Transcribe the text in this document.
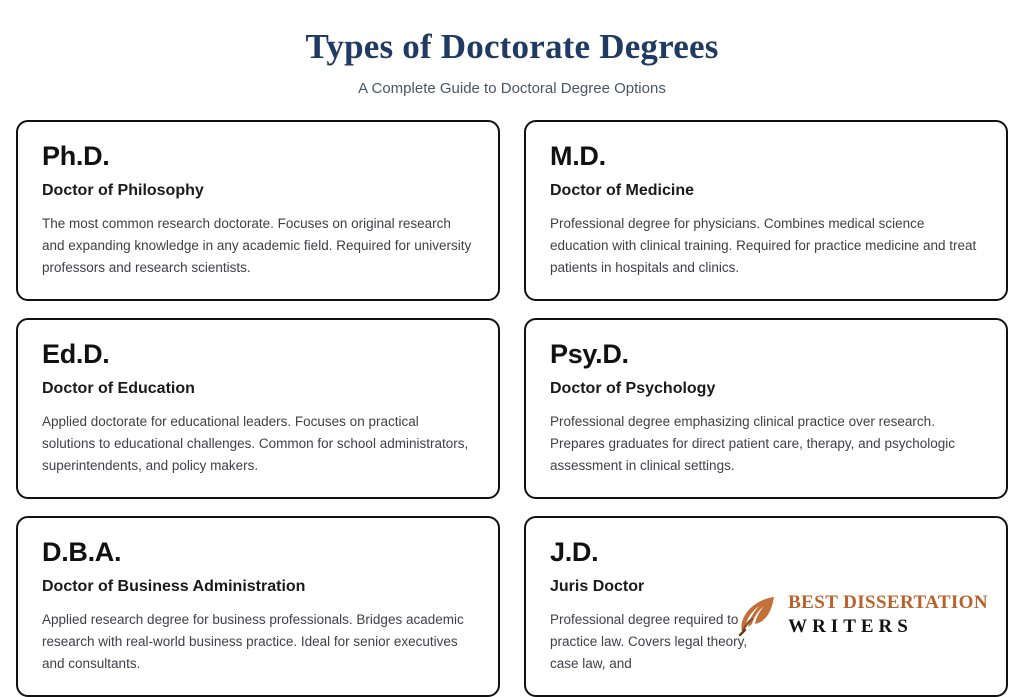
Types of Doctorate Degrees

A Complete Guide to Doctoral Degree Options

Ph.D.
Doctor of Philosophy
The most common research doctorate. Focuses on original research and expanding knowledge in any academic field. Required for university professors and research scientists.
M.D.
Doctor of Medicine
Professional degree for physicians. Combines medical science education with clinical training. Required for practice medicine and treat patients in hospitals and clinics.
Ed.D.
Doctor of Education
Applied doctorate for educational leaders. Focuses on practical solutions to educational challenges. Common for school administrators, superintendents, and policy makers.
Psy.D.
Doctor of Psychology
Professional degree emphasizing clinical practice over research. Prepares graduates for direct patient care, therapy, and psychologic assessment in clinical settings.
D.B.A.
Doctor of Business Administration
Applied research degree for business professionals. Bridges academic research with real-world business practice. Ideal for senior executives and consultants.
J.D.
Juris Doctor
Professional degree required to practice law. Covers legal theory, case law, and
BEST DISSERTATION
WRITERS
